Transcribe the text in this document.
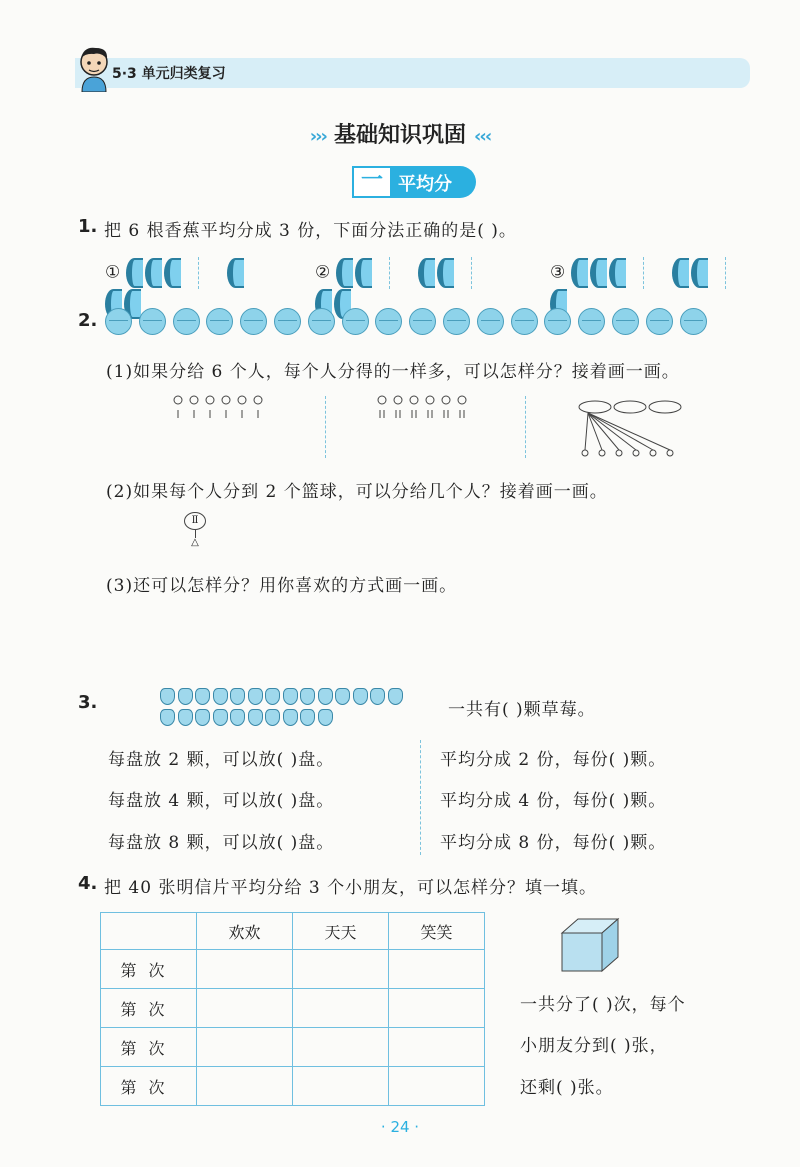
5·3 单元归类复习
››› 基础知识巩固 ‹‹‹
一 平均分
1. 把 6 根香蕉平均分成 3 份，下面分法正确的是( )。
①	②	③
2.
(1)如果分给 6 个人，每个人分得的一样多，可以怎样分？接着画一画。
(2)如果每个人分到 2 个篮球，可以分给几个人？接着画一画。
Ⅱ
△
(3)还可以怎样分？用你喜欢的方式画一画。
3.	一共有( )颗草莓。
每盘放 2 颗，可以放( )盘。
每盘放 4 颗，可以放( )盘。
每盘放 8 颗，可以放( )盘。
平均分成 2 份，每份( )颗。
平均分成 4 份，每份( )颗。
平均分成 8 份，每份( )颗。
4. 把 40 张明信片平均分给 3 个小朋友，可以怎样分？填一填。
	欢欢	天天	笑笑
第次			
第次			
第次			
第次			
一共分了( )次，每个
小朋友分到( )张，
还剩( )张。
· 24 ·
